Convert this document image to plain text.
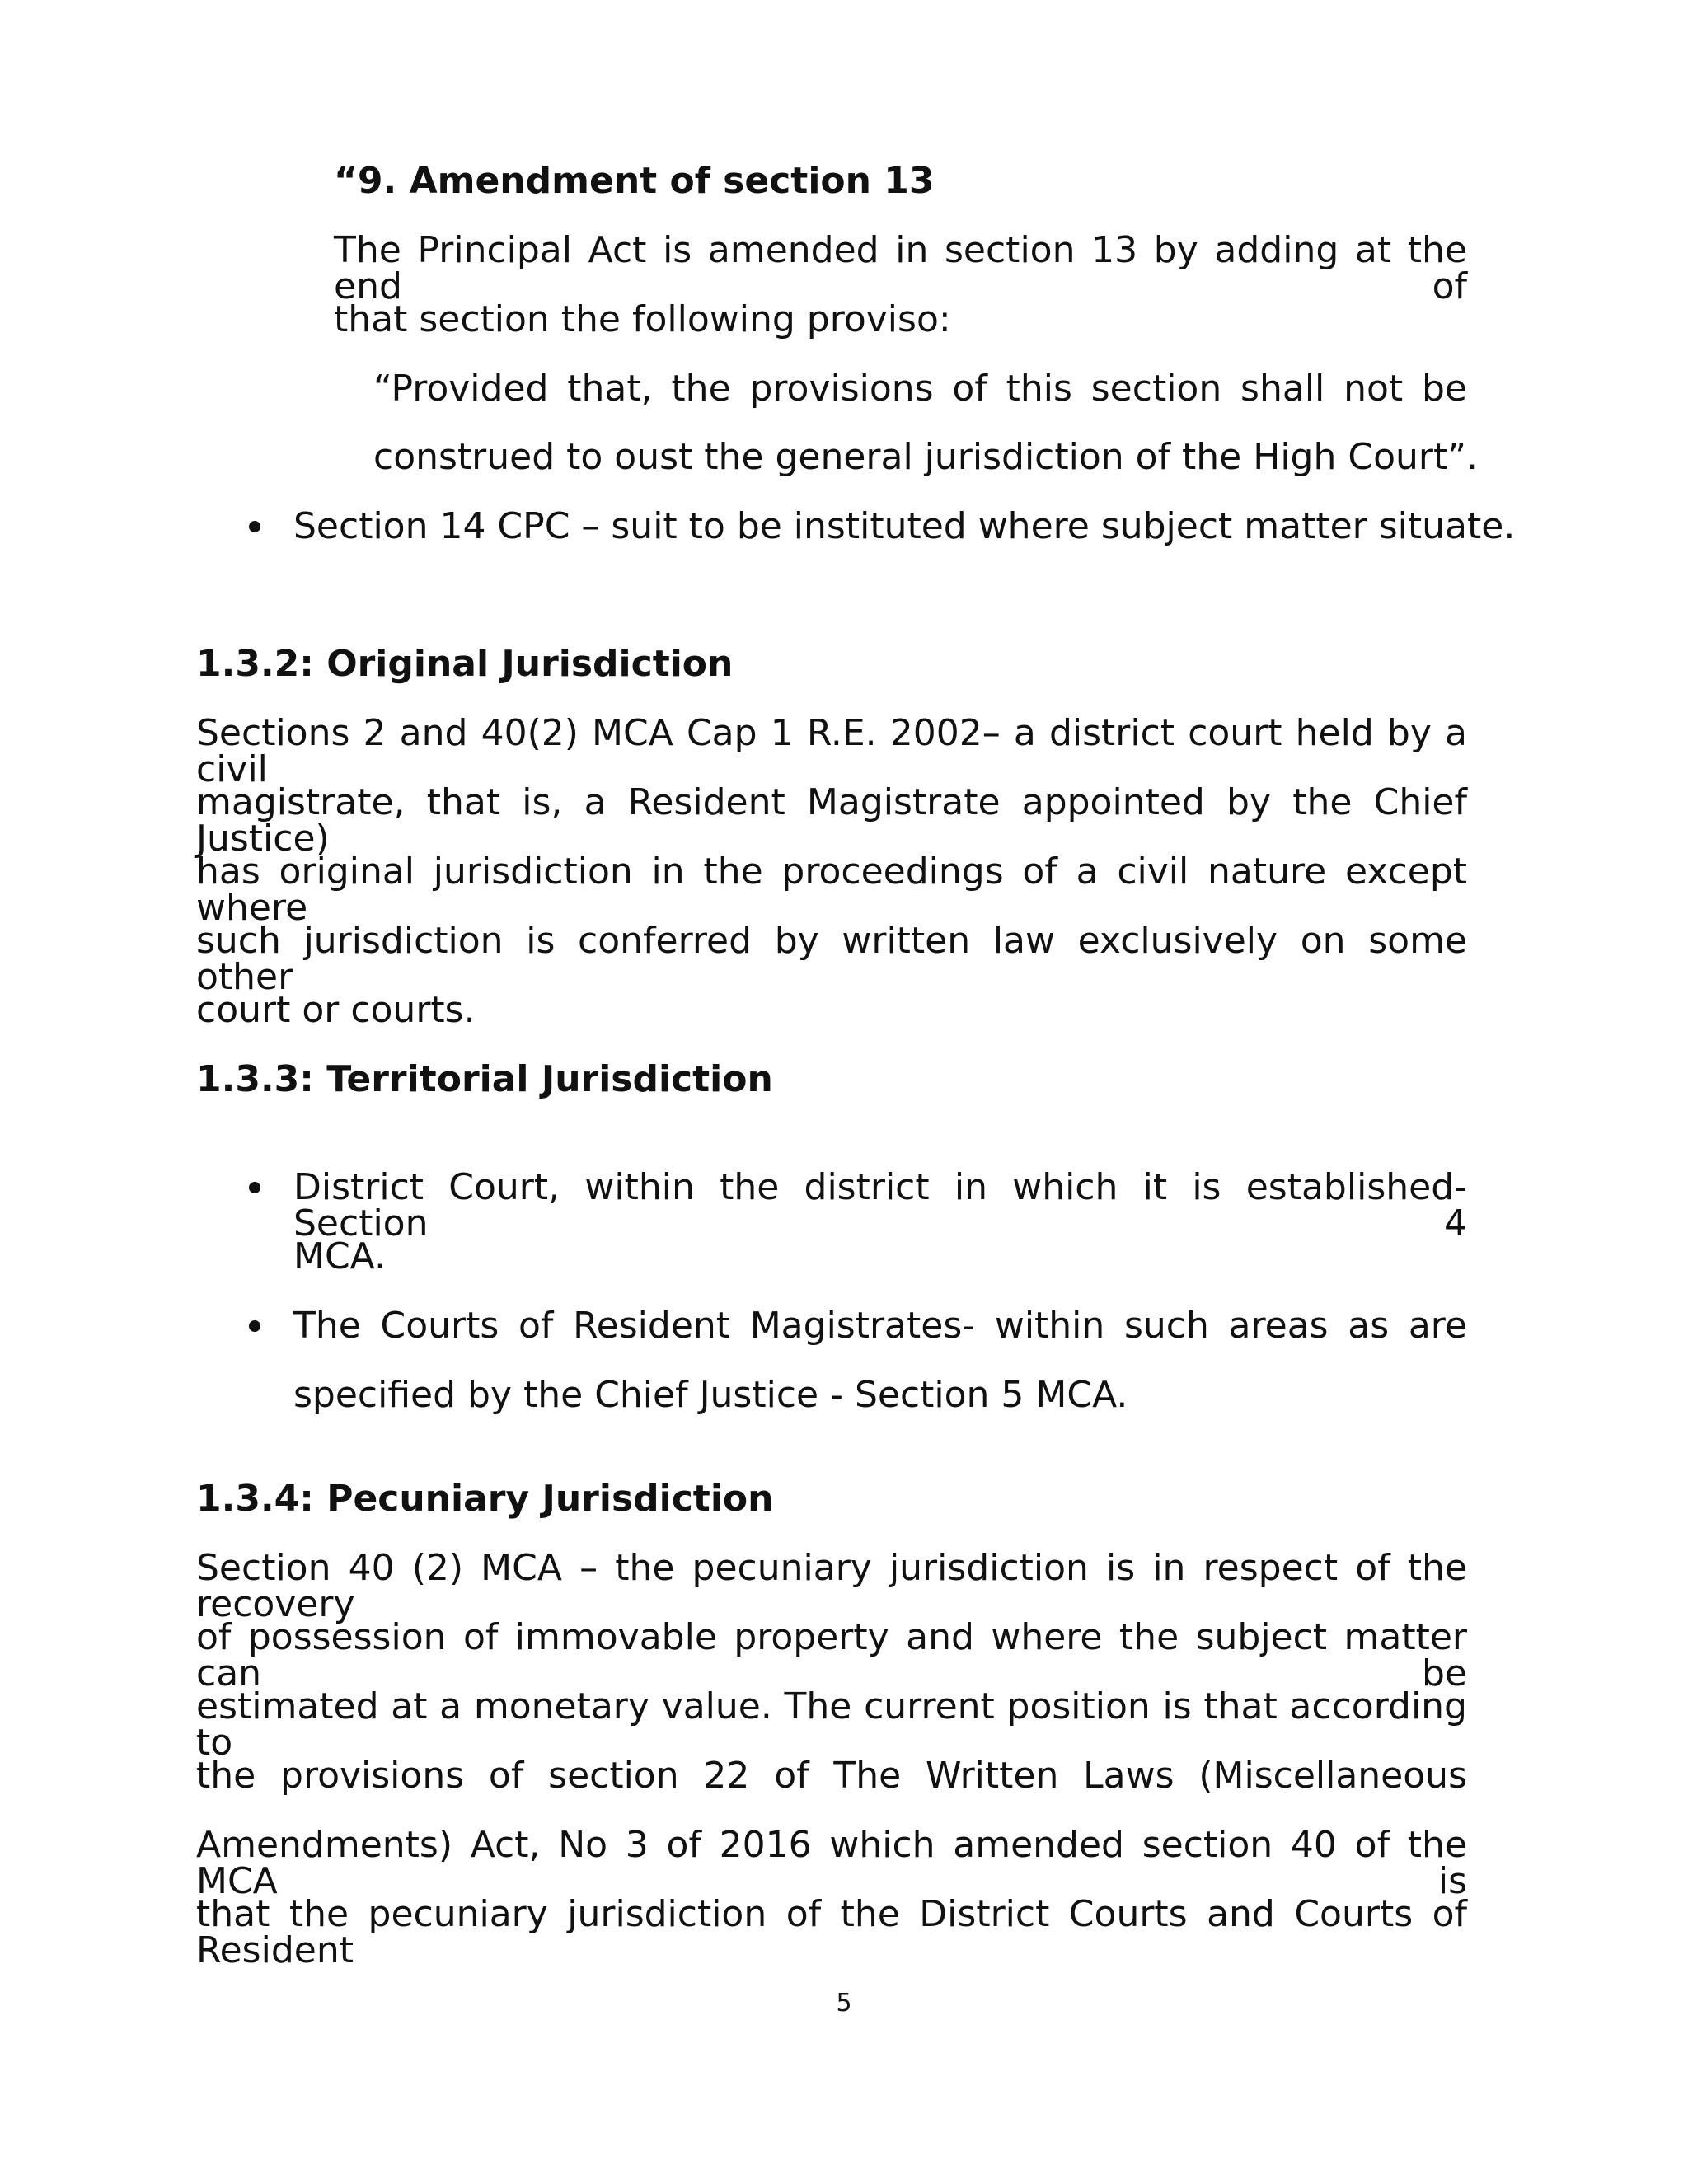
“9. Amendment of section 13
The Principal Act is amended in section 13 by adding at the end of
that section the following proviso:
“Provided that, the provisions of this section shall not be
construed to oust the general jurisdiction of the High Court”.
Section 14 CPC – suit to be instituted where subject matter situate.
1.3.2: Original Jurisdiction
Sections 2 and 40(2) MCA Cap 1 R.E. 2002– a district court held by a civil
magistrate, that is, a Resident Magistrate appointed by the Chief Justice)
has original jurisdiction in the proceedings of a civil nature except where
such jurisdiction is conferred by written law exclusively on some other
court or courts.
1.3.3: Territorial Jurisdiction
District Court, within the district in which it is established- Section 4
MCA.
The Courts of Resident Magistrates- within such areas as are
specified by the Chief Justice - Section 5 MCA.
1.3.4: Pecuniary Jurisdiction
Section 40 (2) MCA – the pecuniary jurisdiction is in respect of the recovery
of possession of immovable property and where the subject matter can be
estimated at a monetary value. The current position is that according to
the provisions of section 22 of The Written Laws (Miscellaneous
Amendments) Act, No 3 of 2016 which amended section 40 of the MCA is
that the pecuniary jurisdiction of the District Courts and Courts of Resident
5
